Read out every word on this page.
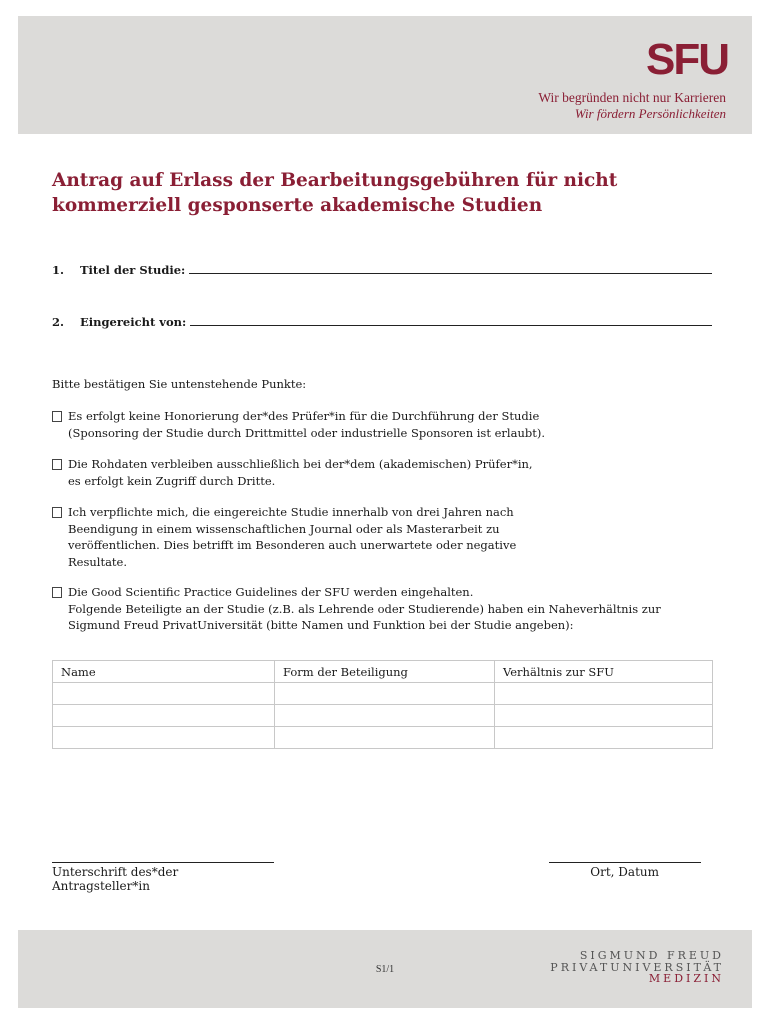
SFU
Wir begründen nicht nur Karrieren
Wir fördern Persönlichkeiten
Antrag auf Erlass der Bearbeitungsgebühren für nicht kommerziell gesponserte akademische Studien
1.	Titel der Studie:
2.	Eingereicht von:
Bitte bestätigen Sie untenstehende Punkte:
Es erfolgt keine Honorierung der*des Prüfer*in für die Durchführung der Studie
(Sponsoring der Studie durch Drittmittel oder industrielle Sponsoren ist erlaubt).
Die Rohdaten verbleiben ausschließlich bei der*dem (akademischen) Prüfer*in,
es erfolgt kein Zugriff durch Dritte.
Ich verpflichte mich, die eingereichte Studie innerhalb von drei Jahren nach
Beendigung in einem wissenschaftlichen Journal oder als Masterarbeit zu
veröffentlichen. Dies betrifft im Besonderen auch unerwartete oder negative
Resultate.
Die Good Scientific Practice Guidelines der SFU werden eingehalten.
Folgende Beteiligte an der Studie (z.B. als Lehrende oder Studierende) haben ein Naheverhältnis zur
Sigmund Freud PrivatUniversität (bitte Namen und Funktion bei der Studie angeben):
Name	Form der Beteiligung	Verhältnis zur SFU

Unterschrift des*der Antragsteller*in
Ort, Datum
S1/1
SIGMUND FREUD
PRIVATUNIVERSITÄT
MEDIZIN
